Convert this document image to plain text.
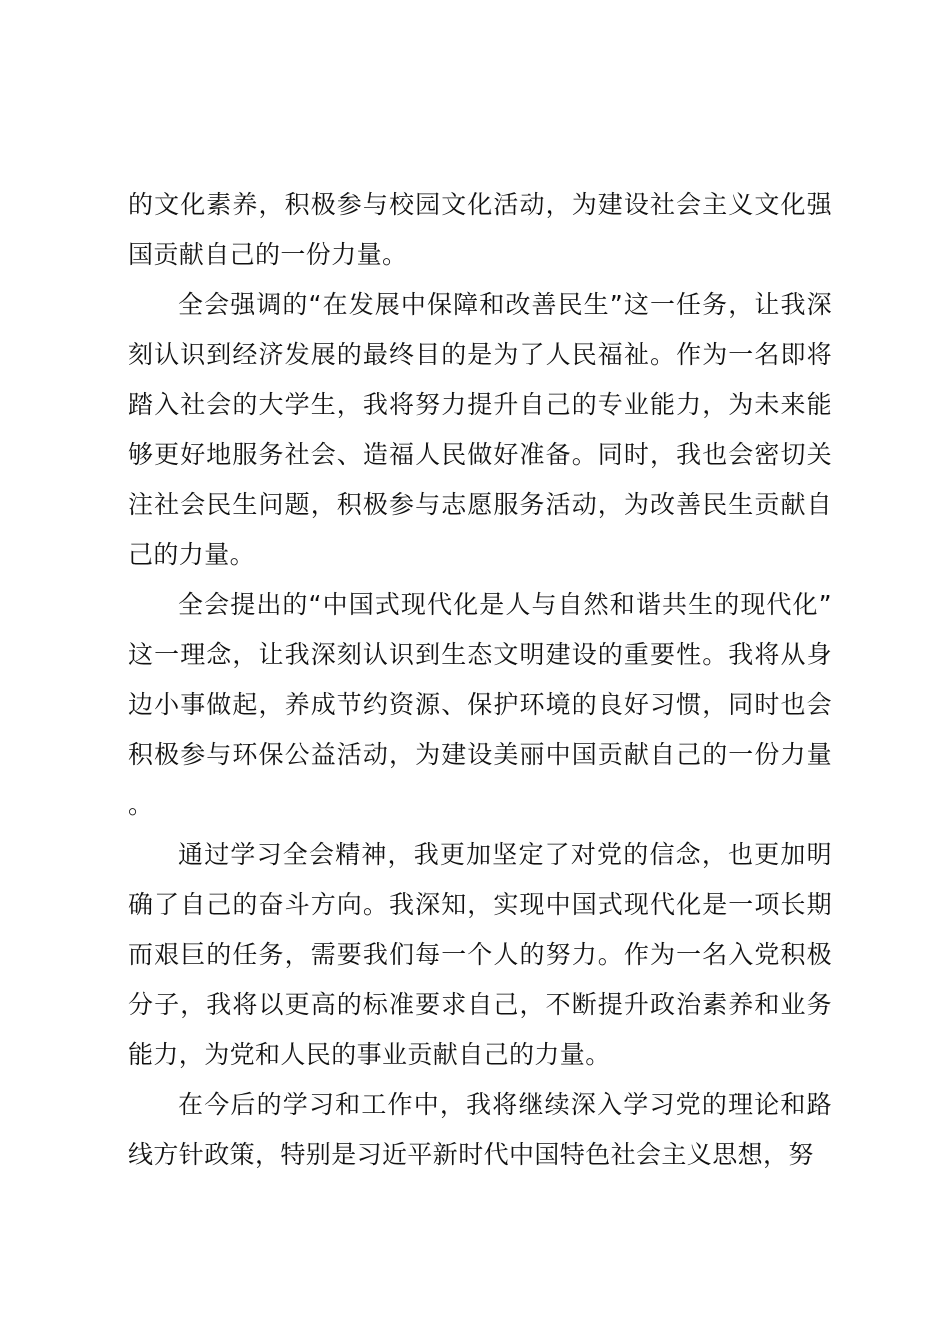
的文化素养，积极参与校园文化活动，为建设社会主义文化强国贡献自己的一份力量。

全会强调的“在发展中保障和改善民生”这一任务，让我深刻认识到经济发展的最终目的是为了人民福祉。作为一名即将踏入社会的大学生，我将努力提升自己的专业能力，为未来能够更好地服务社会、造福人民做好准备。同时，我也会密切关注社会民生问题，积极参与志愿服务活动，为改善民生贡献自己的力量。

全会提出的“中国式现代化是人与自然和谐共生的现代化”这一理念，让我深刻认识到生态文明建设的重要性。我将从身边小事做起，养成节约资源、保护环境的良好习惯，同时也会积极参与环保公益活动，为建设美丽中国贡献自己的一份力量。

通过学习全会精神，我更加坚定了对党的信念，也更加明确了自己的奋斗方向。我深知，实现中国式现代化是一项长期而艰巨的任务，需要我们每一个人的努力。作为一名入党积极分子，我将以更高的标准要求自己，不断提升政治素养和业务能力，为党和人民的事业贡献自己的力量。

在今后的学习和工作中，我将继续深入学习党的理论和路线方针政策，特别是习近平新时代中国特色社会主义思想，努
